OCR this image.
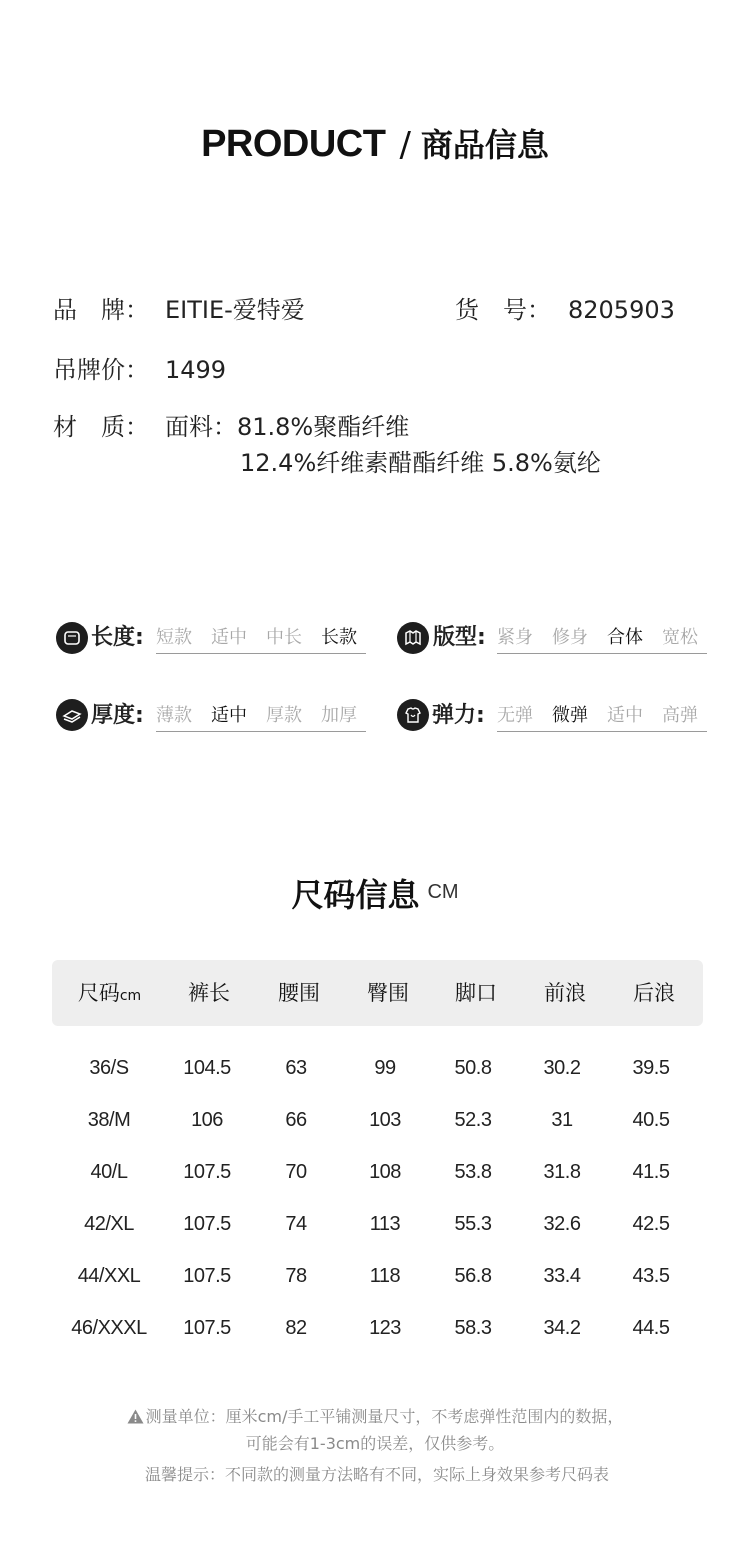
PRODUCT / 商品信息
品　牌： EITIE-爱特爱	货　号： 8205903
吊牌价： 1499
材　质： 面料：81.8%聚酯纤维
12.4%纤维素醋酯纤维 5.8%氨纶
长度: 短款 适中 中长 长款	版型: 紧身 修身 合体 宽松
厚度: 薄款 适中 厚款 加厚	弹力: 无弹 微弹 适中 高弹
尺码信息 CM
尺码cm	裤长	腰围	臀围	脚口	前浪	后浪
36/S	104.5	63	99	50.8	30.2	39.5
38/M	106	66	103	52.3	31	40.5
40/L	107.5	70	108	53.8	31.8	41.5
42/XL	107.5	74	113	55.3	32.6	42.5
44/XXL	107.5	78	118	56.8	33.4	43.5
46/XXXL	107.5	82	123	58.3	34.2	44.5
测量单位：厘米cm/手工平铺测量尺寸，不考虑弹性范围内的数据，
可能会有1-3cm的误差，仅供参考。
温馨提示：不同款的测量方法略有不同，实际上身效果参考尺码表
